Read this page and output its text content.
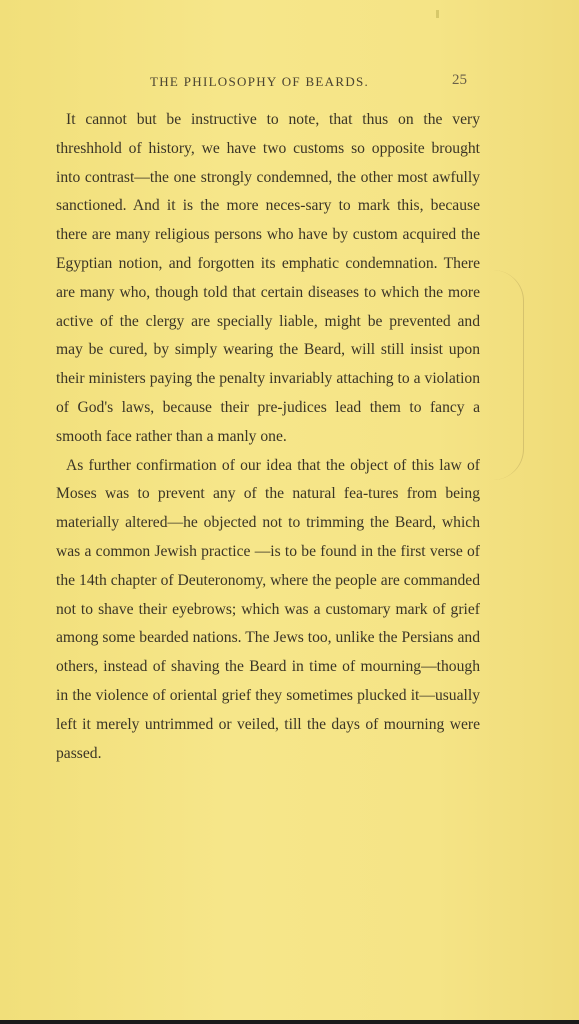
THE PHILOSOPHY OF BEARDS.	25

It cannot but be instructive to note, that thus on the very threshhold of history, we have two customs so opposite brought into contrast—the one strongly condemned, the other most awfully sanctioned. And it is the more neces-sary to mark this, because there are many religious persons who have by custom acquired the Egyptian notion, and forgotten its emphatic condemnation. There are many who, though told that certain diseases to which the more active of the clergy are specially liable, might be prevented and may be cured, by simply wearing the Beard, will still insist upon their ministers paying the penalty invariably attaching to a violation of God's laws, because their pre-judices lead them to fancy a smooth face rather than a manly one.

As further confirmation of our idea that the object of this law of Moses was to prevent any of the natural fea-tures from being materially altered—he objected not to trimming the Beard, which was a common Jewish practice —is to be found in the first verse of the 14th chapter of Deuteronomy, where the people are commanded not to shave their eyebrows; which was a customary mark of grief among some bearded nations. The Jews too, unlike the Persians and others, instead of shaving the Beard in time of mourning—though in the violence of oriental grief they sometimes plucked it—usually left it merely untrimmed or veiled, till the days of mourning were passed.
